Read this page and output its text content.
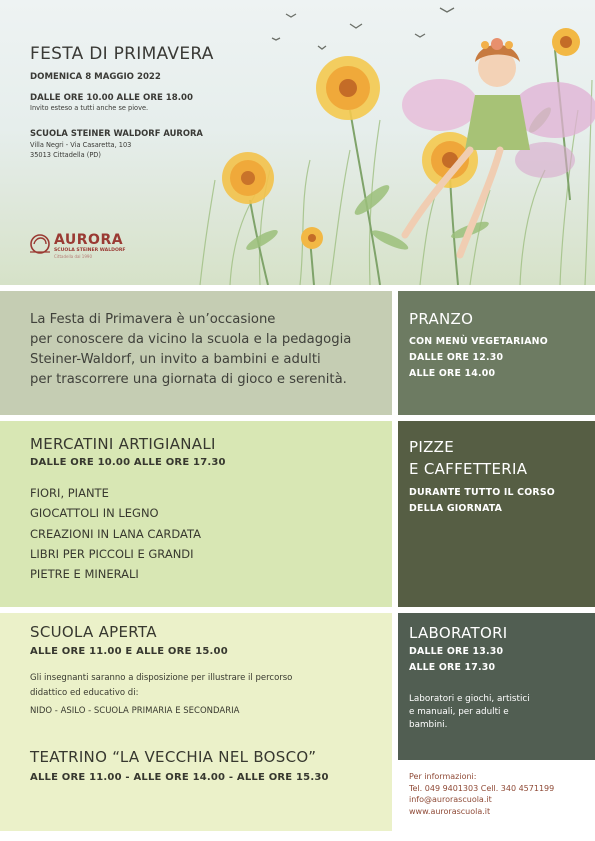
FESTA DI PRIMAVERA
DOMENICA 8 MAGGIO 2022
DALLE ORE 10.00 ALLE ORE 18.00
Invito esteso a tutti anche se piove.
SCUOLA STEINER WALDORF AURORA
Villa Negri - Via Casaretta, 103
35013 Cittadella (PD)
AURORA
SCUOLA STEINER WALDORF
Cittadella dal 1990

La Festa di Primavera è un’occasione
per conoscere da vicino la scuola e la pedagogia
Steiner-Waldorf, un invito a bambini e adulti
per trascorrere una giornata di gioco e serenità.

PRANZO
CON MENÙ VEGETARIANO
DALLE ORE 12.30
ALLE ORE 14.00
MERCATINI ARTIGIANALI
DALLE ORE 10.00 ALLE ORE 17.30
FIORI, PIANTE
GIOCATTOLI IN LEGNO
CREAZIONI IN LANA CARDATA
LIBRI PER PICCOLI E GRANDI
PIETRE E MINERALI
PIZZE
E CAFFETTERIA
DURANTE TUTTO IL CORSO
DELLA GIORNATA
SCUOLA APERTA
ALLE ORE 11.00 E ALLE ORE 15.00
Gli insegnanti saranno a disposizione per illustrare il percorso
didattico ed educativo di:
NIDO - ASILO - SCUOLA PRIMARIA E SECONDARIA
TEATRINO “LA VECCHIA NEL BOSCO”
ALLE ORE 11.00 - ALLE ORE 14.00 - ALLE ORE 15.30
LABORATORI
DALLE ORE 13.30
ALLE ORE 17.30
Laboratori e giochi, artistici
e manuali, per adulti e
bambini.
Per informazioni:
Tel. 049 9401303 Cell. 340 4571199
info@aurorascuola.it
www.aurorascuola.it
